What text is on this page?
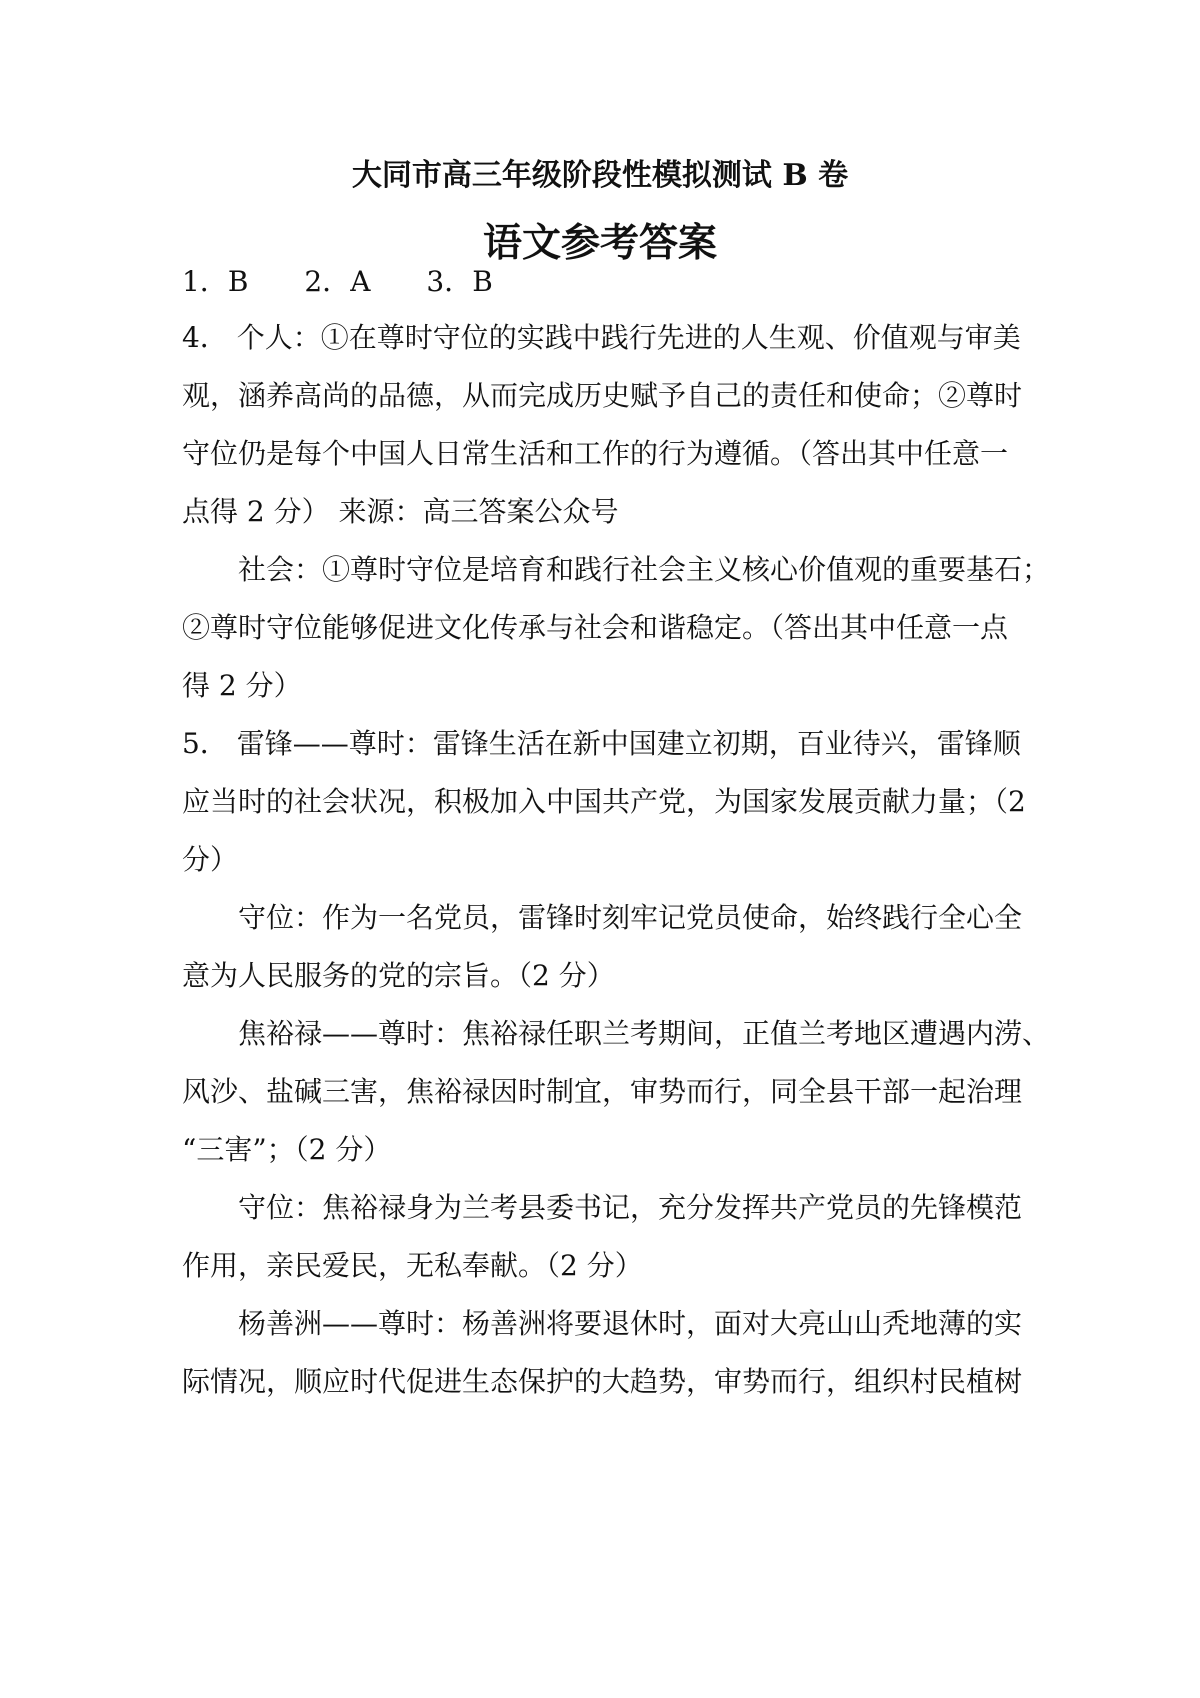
大同市高三年级阶段性模拟测试 B 卷
语文参考答案
1．B　　2．A　　3．B
4． 个人：①在尊时守位的实践中践行先进的人生观、价值观与审美
观，涵养高尚的品德，从而完成历史赋予自己的责任和使命；②尊时
守位仍是每个中国人日常生活和工作的行为遵循。（答出其中任意一
点得 2 分） 来源：高三答案公众号
社会：①尊时守位是培育和践行社会主义核心价值观的重要基石；
②尊时守位能够促进文化传承与社会和谐稳定。（答出其中任意一点
得 2 分）
5． 雷锋——尊时：雷锋生活在新中国建立初期，百业待兴，雷锋顺
应当时的社会状况，积极加入中国共产党，为国家发展贡献力量；（2
分）
守位：作为一名党员，雷锋时刻牢记党员使命，始终践行全心全
意为人民服务的党的宗旨。（2 分）
焦裕禄——尊时：焦裕禄任职兰考期间，正值兰考地区遭遇内涝、
风沙、盐碱三害，焦裕禄因时制宜，审势而行，同全县干部一起治理
“三害”；（2 分）
守位：焦裕禄身为兰考县委书记，充分发挥共产党员的先锋模范
作用，亲民爱民，无私奉献。（2 分）
杨善洲——尊时：杨善洲将要退休时，面对大亮山山秃地薄的实
际情况，顺应时代促进生态保护的大趋势，审势而行，组织村民植树
